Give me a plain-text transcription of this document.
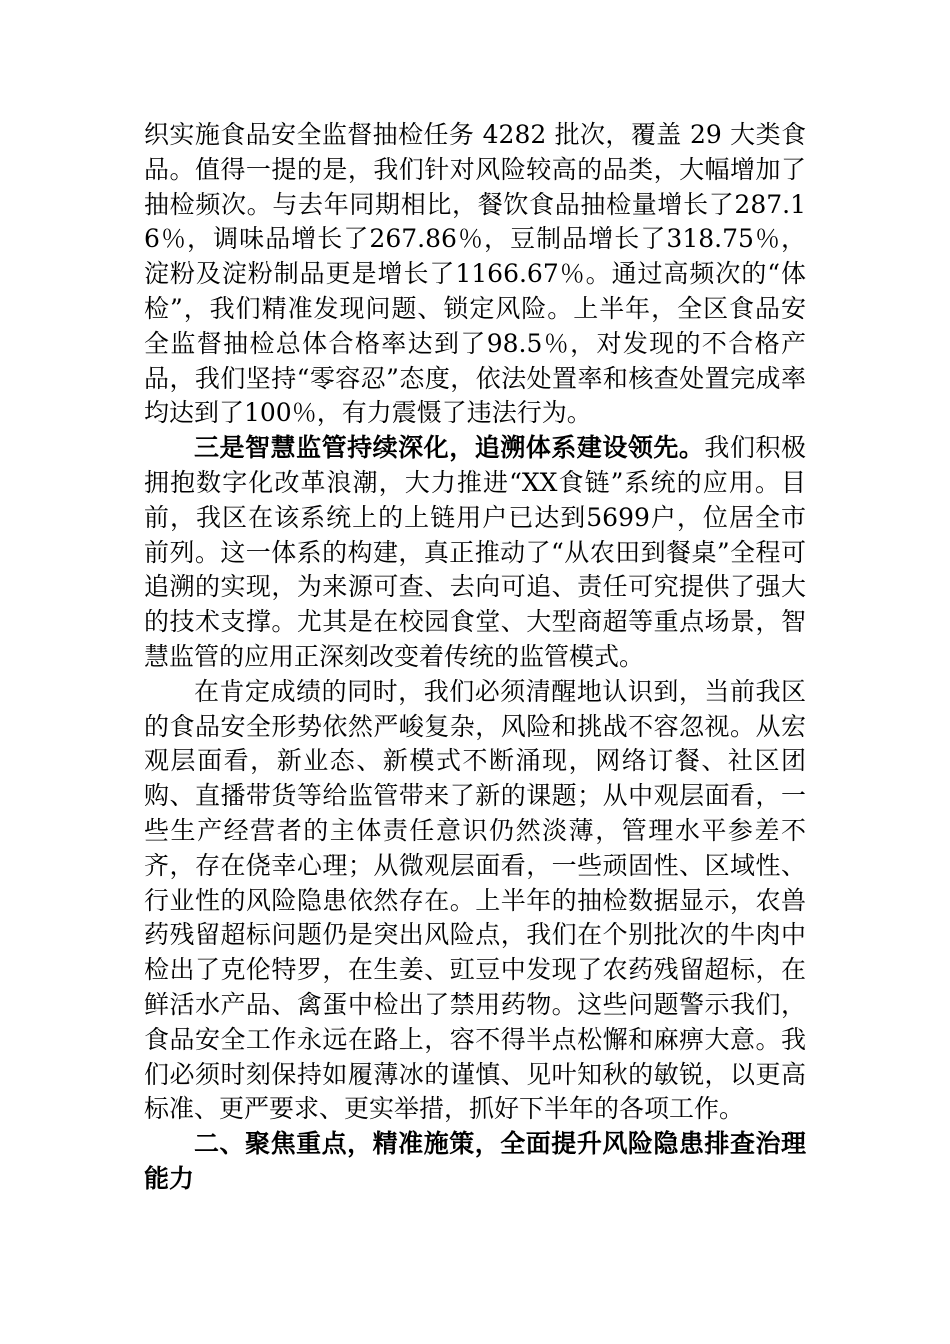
织实施食品安全监督抽检任务 4282 批次，覆盖 29 大类食品。值得一提的是，我们针对风险较高的品类，大幅增加了抽检频次。与去年同期相比，餐饮食品抽检量增长了287.16％，调味品增长了267.86％，豆制品增长了318.75％，淀粉及淀粉制品更是增长了1166.67％。通过高频次的“体检”，我们精准发现问题、锁定风险。上半年，全区食品安全监督抽检总体合格率达到了98.5％，对发现的不合格产品，我们坚持“零容忍”态度，依法处置率和核查处置完成率均达到了100％，有力震慑了违法行为。

三是智慧监管持续深化，追溯体系建设领先。我们积极拥抱数字化改革浪潮，大力推进“XX食链”系统的应用。目前，我区在该系统上的上链用户已达到5699户，位居全市前列。这一体系的构建，真正推动了“从农田到餐桌”全程可追溯的实现，为来源可查、去向可追、责任可究提供了强大的技术支撑。尤其是在校园食堂、大型商超等重点场景，智慧监管的应用正深刻改变着传统的监管模式。

在肯定成绩的同时，我们必须清醒地认识到，当前我区的食品安全形势依然严峻复杂，风险和挑战不容忽视。从宏观层面看，新业态、新模式不断涌现，网络订餐、社区团购、直播带货等给监管带来了新的课题；从中观层面看，一些生产经营者的主体责任意识仍然淡薄，管理水平参差不齐，存在侥幸心理；从微观层面看，一些顽固性、区域性、行业性的风险隐患依然存在。上半年的抽检数据显示，农兽药残留超标问题仍是突出风险点，我们在个别批次的牛肉中检出了克伦特罗，在生姜、豇豆中发现了农药残留超标，在鲜活水产品、禽蛋中检出了禁用药物。这些问题警示我们，食品安全工作永远在路上，容不得半点松懈和麻痹大意。我们必须时刻保持如履薄冰的谨慎、见叶知秋的敏锐，以更高标准、更严要求、更实举措，抓好下半年的各项工作。

二、聚焦重点，精准施策，全面提升风险隐患排查治理能力
